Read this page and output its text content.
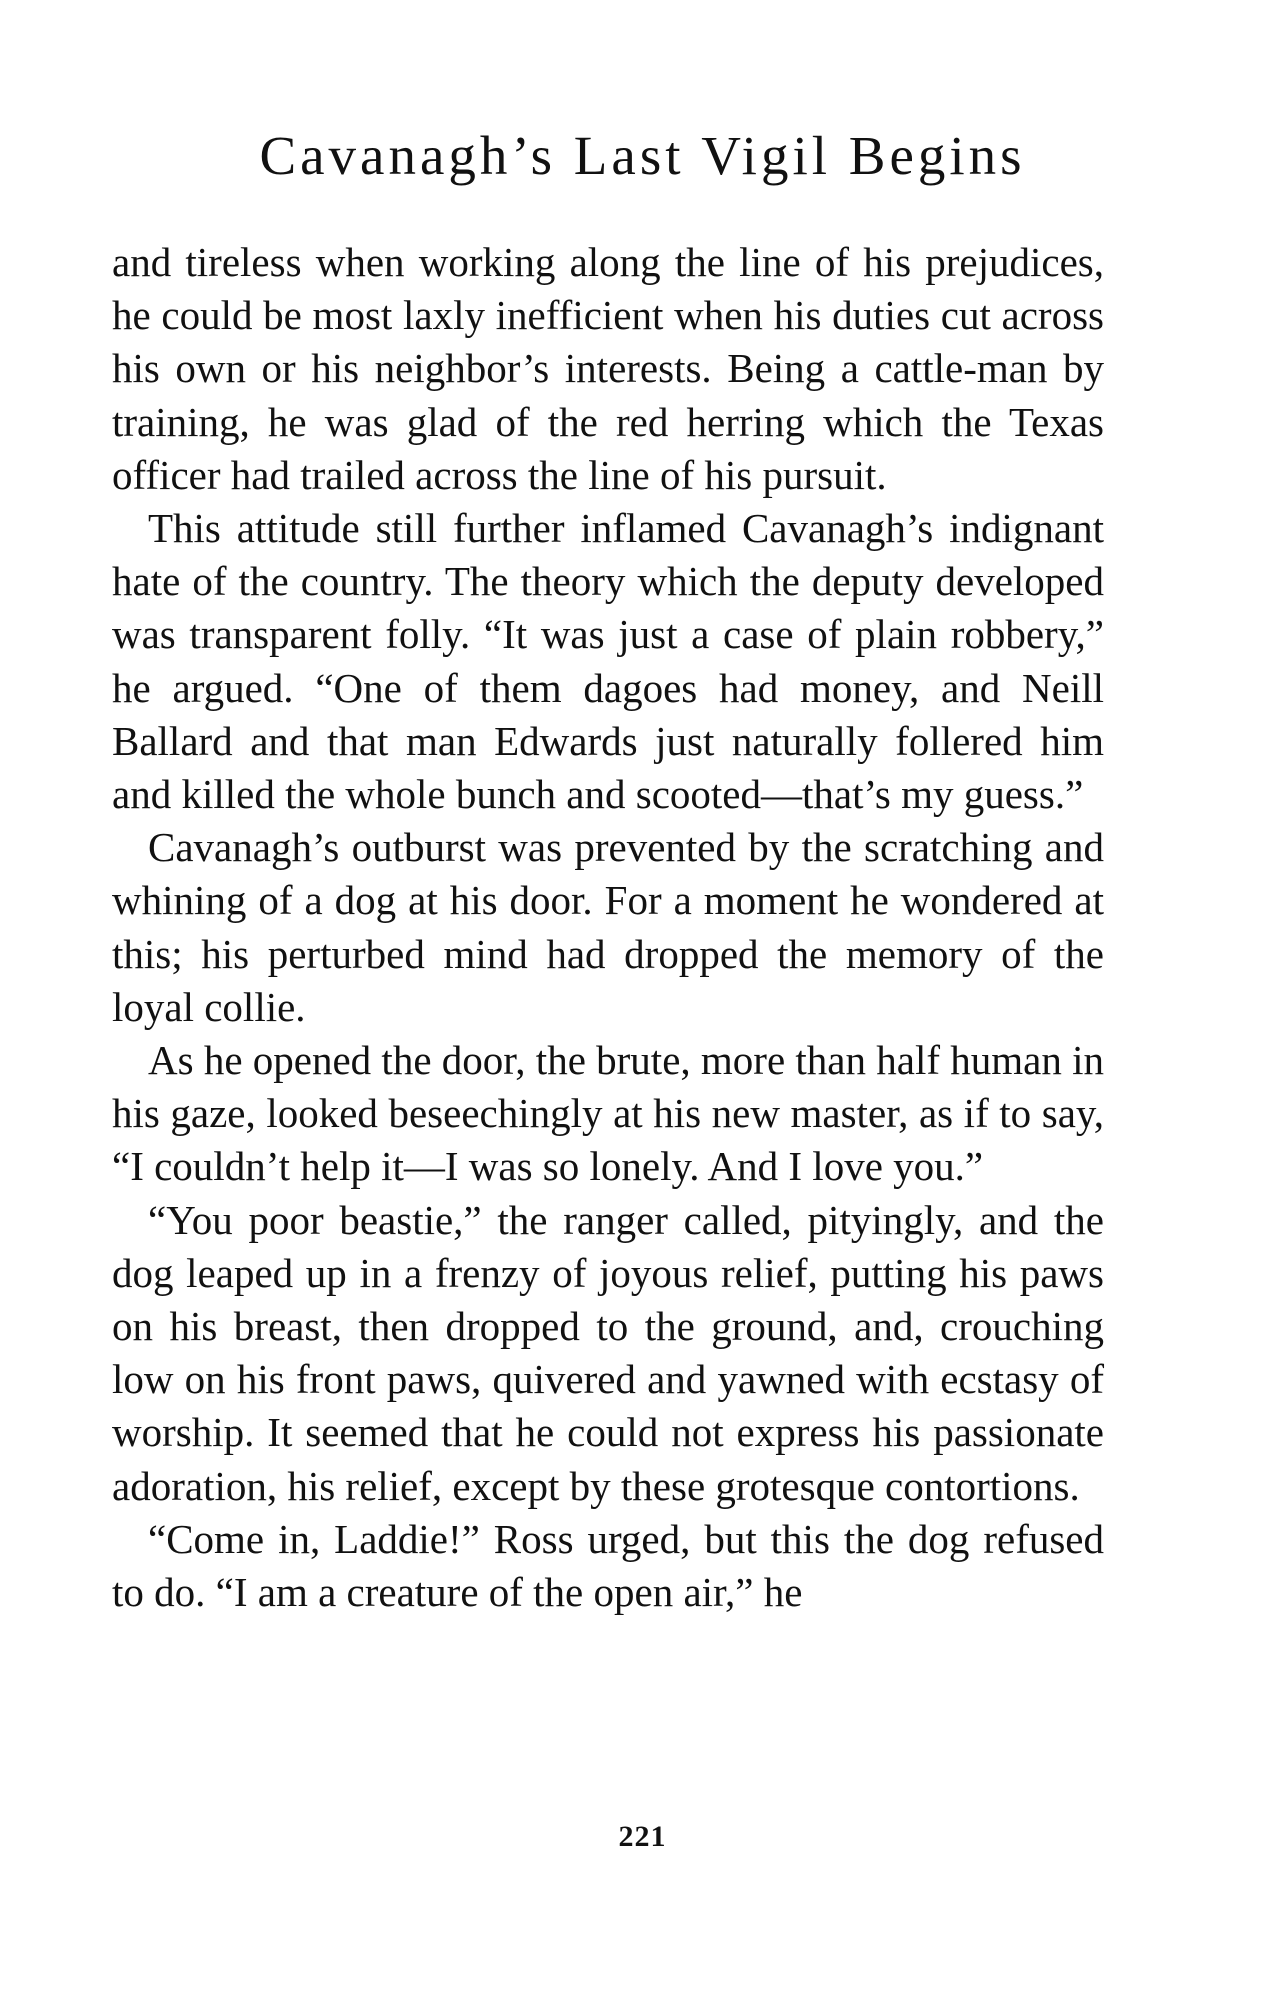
Cavanagh’s Last Vigil Begins

and tireless when working along the line of his prejudices, he could be most laxly inefficient when his duties cut across his own or his neighbor’s interests. Being a cattle-man by training, he was glad of the red herring which the Texas officer had trailed across the line of his pursuit.

This attitude still further inflamed Cavanagh’s indignant hate of the country. The theory which the deputy developed was transparent folly. “It was just a case of plain robbery,” he argued. “One of them dagoes had money, and Neill Ballard and that man Edwards just naturally follered him and killed the whole bunch and scooted—that’s my guess.”

Cavanagh’s outburst was prevented by the scratching and whining of a dog at his door. For a moment he wondered at this; his perturbed mind had dropped the memory of the loyal collie.

As he opened the door, the brute, more than half human in his gaze, looked beseechingly at his new master, as if to say, “I couldn’t help it—I was so lonely. And I love you.”

“You poor beastie,” the ranger called, pityingly, and the dog leaped up in a frenzy of joyous relief, putting his paws on his breast, then dropped to the ground, and, crouching low on his front paws, quivered and yawned with ecstasy of worship. It seemed that he could not express his passionate adoration, his relief, except by these grotesque contortions.

“Come in, Laddie!” Ross urged, but this the dog refused to do. “I am a creature of the open air,” he

221
